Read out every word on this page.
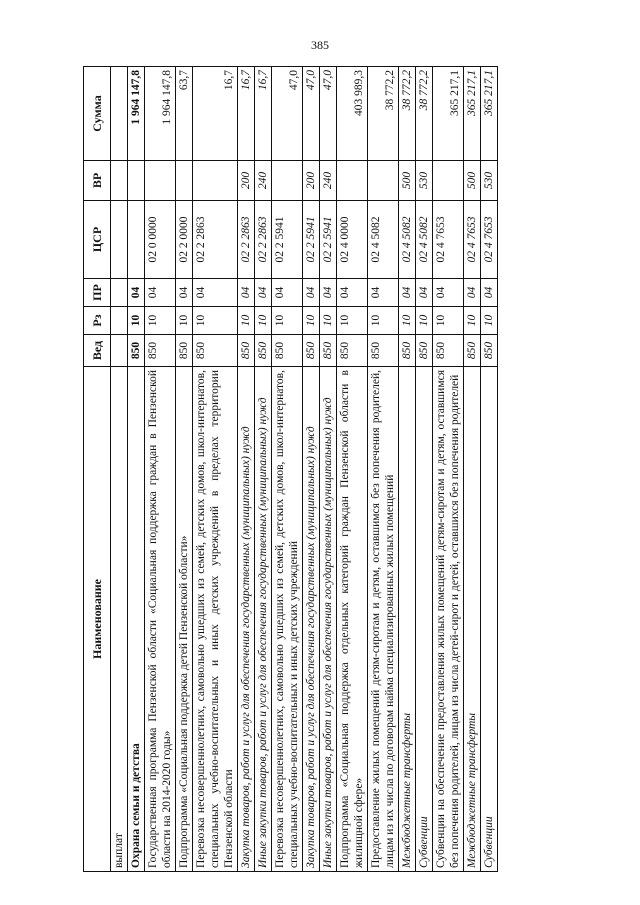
385
Наименование	Вед	Рз	ПР	ЦСР	ВР	Сумма
выплат						
Охрана семьи и детства	850	10	04			1 964 147,8
Государственная программа Пензенской области «Социальная поддержка граждан в Пензенской области на 2014-2020 годы»	850	10	04	02 0 0000		1 964 147,8
Подпрограмма «Социальная поддержка детей Пензенской области»	850	10	04	02 2 0000		63,7
Перевозка несовершеннолетних, самовольно ушедших из семей, детских домов, школ-интернатов, специальных учебно-воспитательных и иных детских учреждений в пределах территории Пензенской области	850	10	04	02 2 2863		16,7
Закупка товаров, работ и услуг для обеспечения государственных (муниципальных) нужд	850	10	04	02 2 2863	200	16,7
Иные закупки товаров, работ и услуг для обеспечения государственных (муниципальных) нужд	850	10	04	02 2 2863	240	16,7
Перевозка несовершеннолетних, самовольно ушедших из семей, детских домов, школ-интернатов, специальных учебно-воспитательных и иных детских учреждений	850	10	04	02 2 5941		47,0
Закупка товаров, работ и услуг для обеспечения государственных (муниципальных) нужд	850	10	04	02 2 5941	200	47,0
Иные закупки товаров, работ и услуг для обеспечения государственных (муниципальных) нужд	850	10	04	02 2 5941	240	47,0
Подпрограмма «Социальная поддержка отдельных категорий граждан Пензенской области в жилищной сфере»	850	10	04	02 4 0000		403 989,3
Предоставление жилых помещений детям-сиротам и детям, оставшимся без попечения родителей, лицам из их числа по договорам найма специализированных жилых помещений	850	10	04	02 4 5082		38 772,2
Межбюджетные трансферты	850	10	04	02 4 5082	500	38 772,2
Субвенции	850	10	04	02 4 5082	530	38 772,2
Субвенции на обеспечение предоставления жилых помещений детям-сиротам и детям, оставшимся без попечения родителей, лицам из числа детей-сирот и детей, оставшихся без попечения родителей	850	10	04	02 4 7653		365 217,1
Межбюджетные трансферты	850	10	04	02 4 7653	500	365 217,1
Субвенции	850	10	04	02 4 7653	530	365 217,1
